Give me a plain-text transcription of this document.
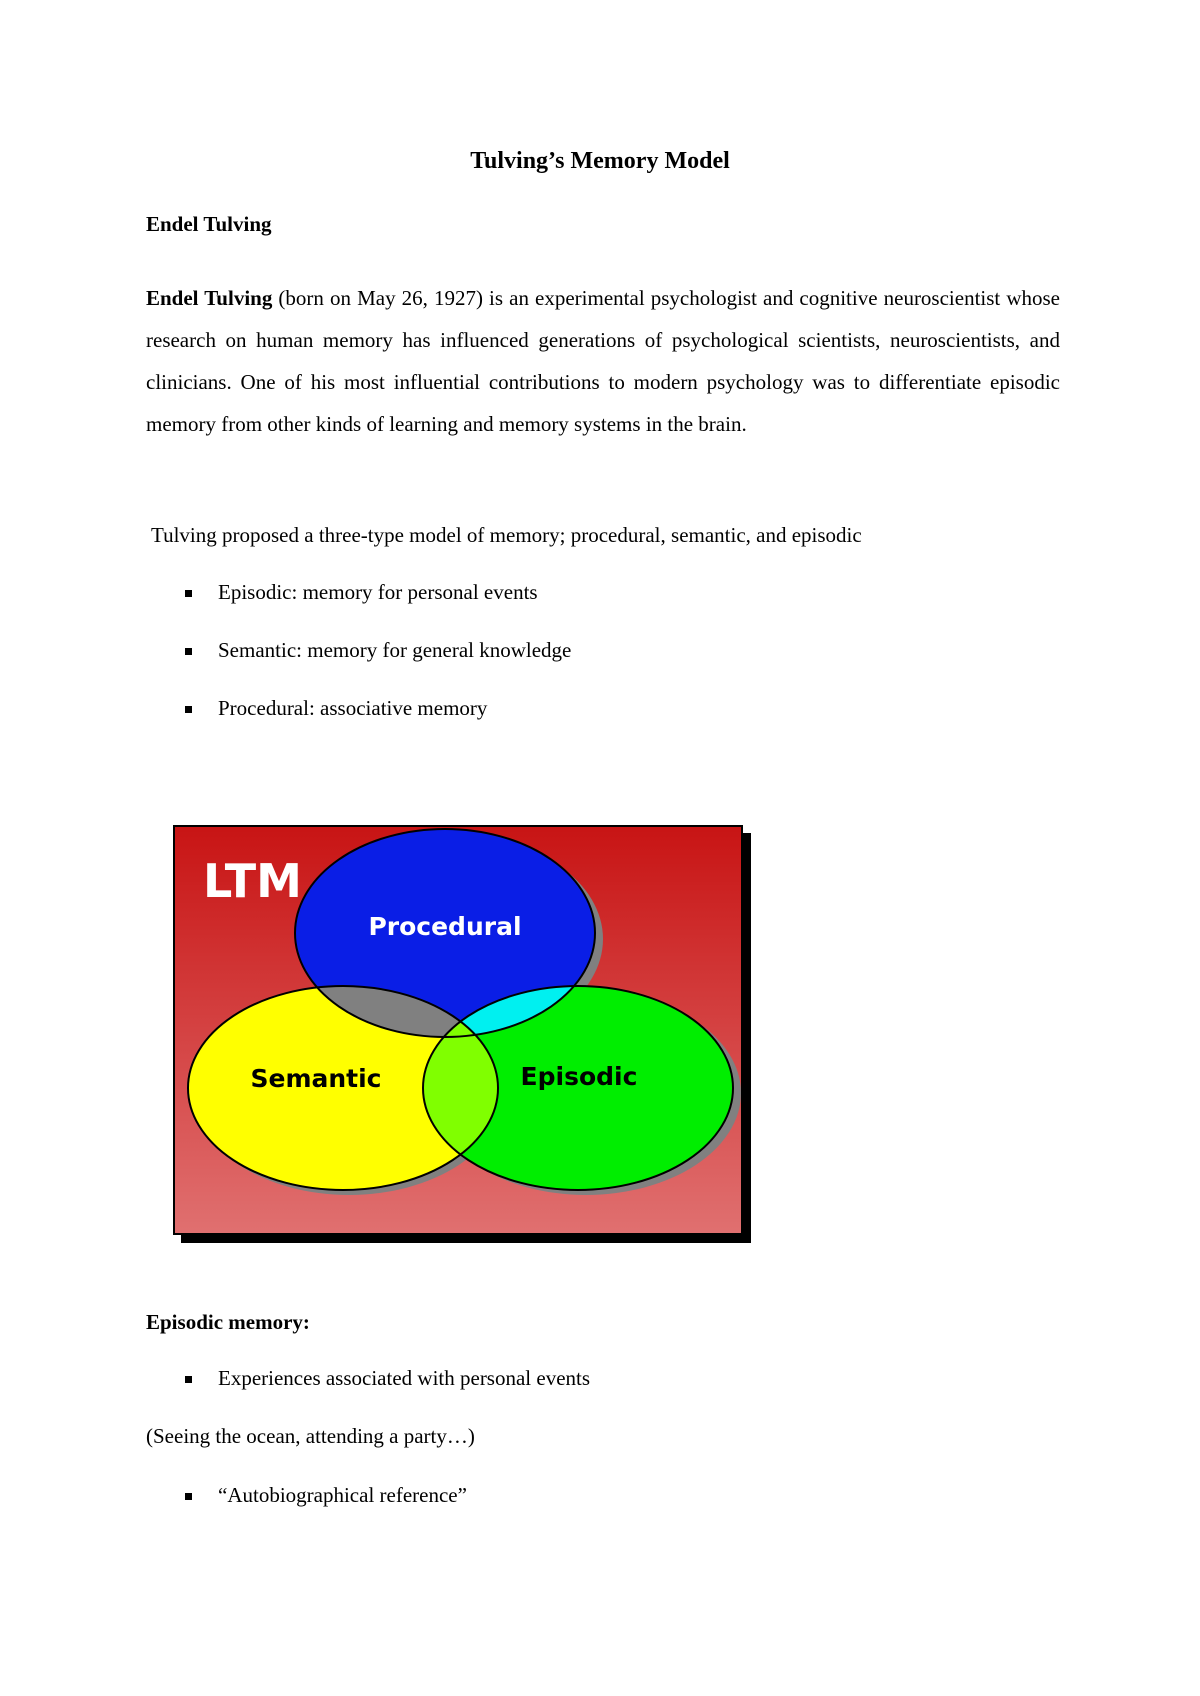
Tulving’s Memory Model
Endel Tulving
Endel Tulving (born on May 26, 1927) is an experimental psychologist and cognitive neuroscientist whose research on human memory has influenced generations of psychological scientists, neuroscientists, and clinicians. One of his most influential contributions to modern psychology was to differentiate episodic memory from other kinds of learning and memory systems in the brain.
Tulving proposed a three-type model of memory; procedural, semantic, and episodic
Episodic: memory for personal events
Semantic: memory for general knowledge
Procedural: associative memory
LTM
Procedural
Semantic	Episodic
Episodic memory:
Experiences associated with personal events
(Seeing the ocean, attending a party…)
“Autobiographical reference”
